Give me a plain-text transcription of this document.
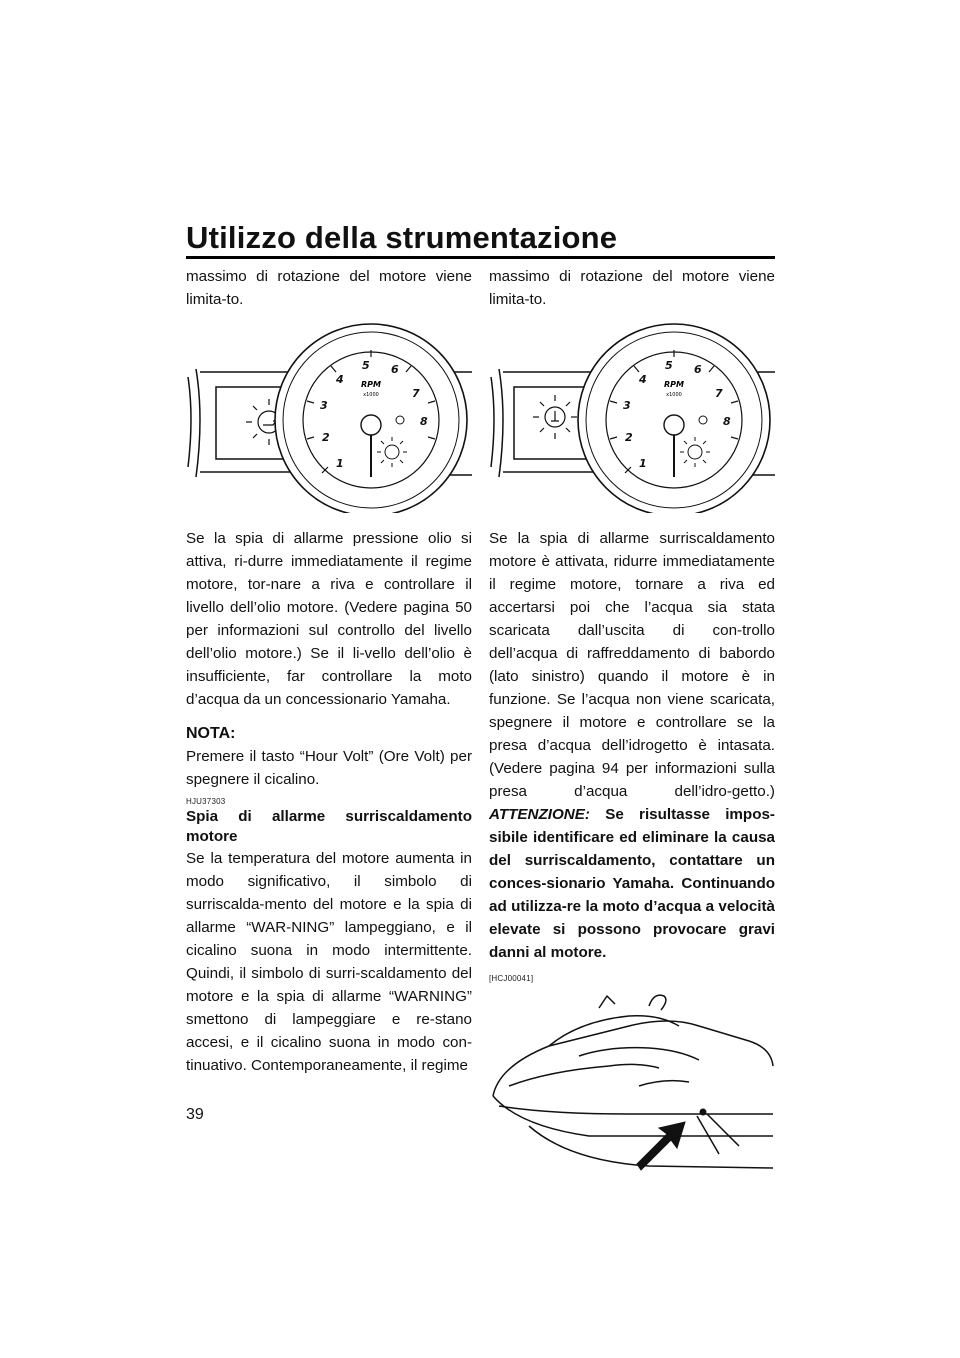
Utilizzo della strumentazione

massimo di rotazione del motore viene limita-to.

1
2
3
4
5 6
7
8
RPM
x1000

Se la spia di allarme pressione olio si attiva, ri-durre immediatamente il regime motore, tor-nare a riva e controllare il livello dell’olio motore. (Vedere pagina 50 per informazioni sul controllo del livello dell’olio motore.) Se il li-vello dell’olio è insufficiente, far controllare la moto d’acqua da un concessionario Yamaha.

NOTA:

Premere il tasto “Hour Volt” (Ore Volt) per spegnere il cicalino.

HJU37303
Spia di allarme surriscaldamento motore

Se la temperatura del motore aumenta in modo significativo, il simbolo di surriscalda-mento del motore e la spia di allarme “WAR-NING” lampeggiano, e il cicalino suona in modo intermittente. Quindi, il simbolo di surri-scaldamento del motore e la spia di allarme “WARNING” smettono di lampeggiare e re-stano accesi, e il cicalino suona in modo con-tinuativo. Contemporaneamente, il regime

massimo di rotazione del motore viene limita-to.

1
2
3
4
5 6
7
8
RPM
x1000

Se la spia di allarme surriscaldamento motore è attivata, ridurre immediatamente il regime motore, tornare a riva ed accertarsi poi che l’acqua sia stata scaricata dall’uscita di con-trollo dell’acqua di raffreddamento di babordo (lato sinistro) quando il motore è in funzione. Se l’acqua non viene scaricata, spegnere il motore e controllare se la presa d’acqua dell’idrogetto è intasata. (Vedere pagina 94 per informazioni sulla presa d’acqua dell’idro-getto.) ATTENZIONE: Se risultasse impos-sibile identificare ed eliminare la causa del surriscaldamento, contattare un conces-sionario Yamaha. Continuando ad utilizza-re la moto d’acqua a velocità elevate si possono provocare gravi danni al motore.

[HCJ00041]
39
